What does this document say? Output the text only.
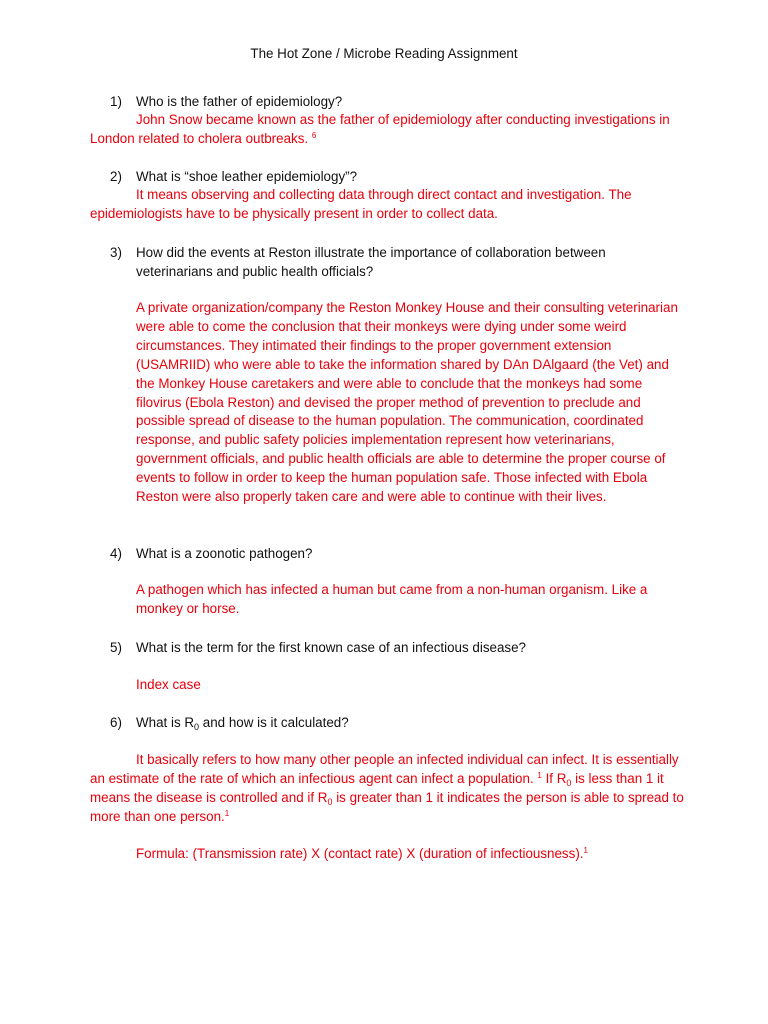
The Hot Zone / Microbe Reading Assignment
1) Who is the father of epidemiology?
John Snow became known as the father of epidemiology after conducting investigations in London related to cholera outbreaks. $^6$
2) What is “shoe leather epidemiology”?
It means observing and collecting data through direct contact and investigation. The epidemiologists have to be physically present in order to collect data.
3) How did the events at Reston illustrate the importance of collaboration between veterinarians and public health officials?
A private organization/company the Reston Monkey House and their consulting veterinarian were able to come the conclusion that their monkeys were dying under some weird circumstances. They intimated their findings to the proper government extension (USAMRIID) who were able to take the information shared by DAn DAlgaard (the Vet) and the Monkey House caretakers and were able to conclude that the monkeys had some filovirus (Ebola Reston) and devised the proper method of prevention to preclude and possible spread of disease to the human population. The communication, coordinated response, and public safety policies implementation represent how veterinarians, government officials, and public health officials are able to determine the proper course of events to follow in order to keep the human population safe. Those infected with Ebola Reston were also properly taken care and were able to continue with their lives.
4) What is a zoonotic pathogen?
A pathogen which has infected a human but came from a non-human organism. Like a monkey or horse.
5) What is the term for the first known case of an infectious disease?
Index case
6) What is $R_0$ and how is it calculated?
It basically refers to how many other people an infected individual can infect. It is essentially an estimate of the rate of which an infectious agent can infect a population. $^1$ If $R_0$ is less than 1 it means the disease is controlled and if $R_0$ is greater than 1 it indicates the person is able to spread to more than one person.$^1$
Formula: (Transmission rate) X (contact rate) X (duration of infectiousness).$^1$
